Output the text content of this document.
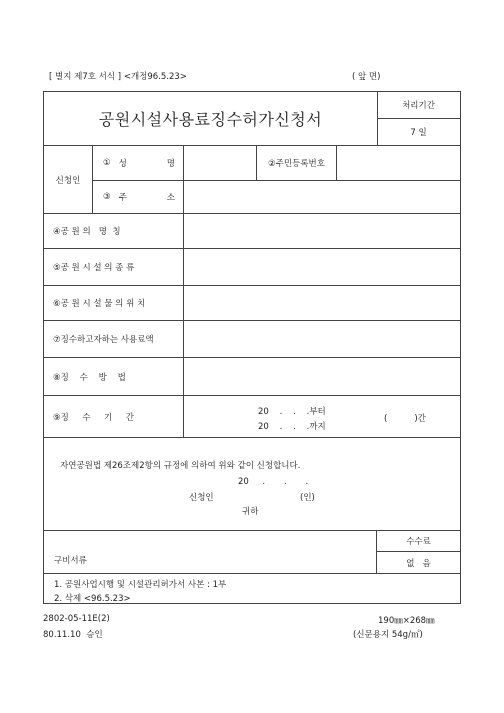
[ 별지 제7호 서식 ] <개정96.5.23>	( 앞 면)
공원시설사용료징수허가신청서
처리기간
7 일
신청인
① 성	명	②주민등록번호
③ 주	소
④공 원 의   명  칭
⑤공 원 시 설 의 종 류
⑥공 원 시 설 물 의 위 치
⑦징수하고자하는 사용료액
⑧징    수    방    법
⑨징     수     기     간
20    .    .    .부터
20    .    .    .까지
(          )간
자연공원법 제26조제2항의 규정에 의하여 위와 같이 신청합니다.
20     .       .       .
신청인	(인)
귀하
구비서류
수수료
없   음
1. 공원사업시행 및 시설관리허가서 사본 : 1부
2. 삭제 <96.5.23>
2802-05-11E(2)	190㎜×268㎜
80.11.10  승인	(신문용지 54g/㎡)
